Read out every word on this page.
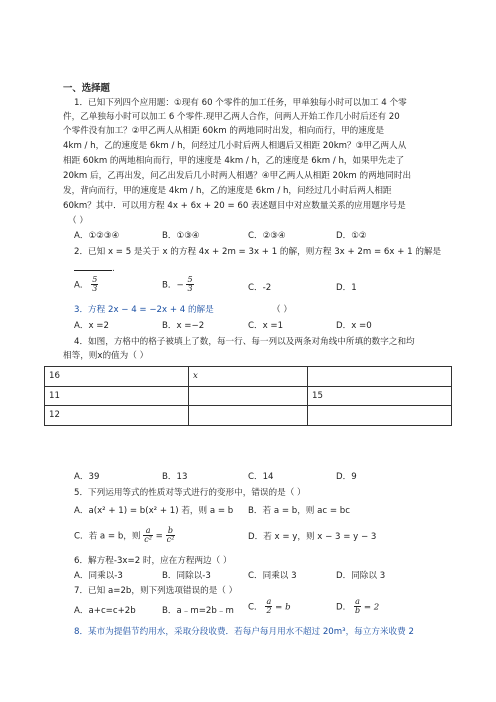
一、选择题
1．已知下列四个应用题：①现有 60 个零件的加工任务，甲单独每小时可以加工 4 个零
件，乙单独每小时可以加工 6 个零件.现甲乙两人合作，问两人开始工作几小时后还有 20
个零件没有加工？②甲乙两人从相距 60km 的两地同时出发，相向而行，甲的速度是
4km / h，乙的速度是 6km / h，问经过几小时后两人相遇后又相距 20km？③甲乙两人从
相距 60km 的两地相向而行，甲的速度是 4km / h，乙的速度是 6km / h，如果甲先走了
20km 后，乙再出发，问乙出发后几小时两人相遇？④甲乙两人从相距 20km 的两地同时出
发，背向而行，甲的速度是 4km / h，乙的速度是 6km / h，问经过几小时后两人相距
60km？其中．可以用方程 4x + 6x + 20 = 60 表述题目中对应数量关系的应用题序号是
（ ）
A．①②③④	B．①③④	C．②③④	D．①②
2．已知 x = 5 是关于 x 的方程 4x + 2m = 3x + 1 的解，则方程 3x + 2m = 6x + 1 的解是
.
A． $\frac{5}{3}$	B．− $\frac{5}{3}$	C．-2	D．1
3．方程 2x − 4 = −2x + 4 的解是	（ ）
A．x =2	B．x =−2	C．x =1	D．x =0
4．如图，方格中的格子被填上了数，每一行、每一列以及两条对角线中所填的数字之和均
相等，则x的值为（ ）
16	x	
11		15
12		
A．39	B．13	C．14	D．9
5．下列运用等式的性质对等式进行的变形中，错误的是（ ）
A．a(x² + 1) = b(x² + 1) 若，则 a = b B．若 a = b，则 ac = bc
C．若 a = b，则 $\frac{a}{\text{c²}} = \frac{b}{\text{c²}}$	D．若 x = y，则 x − 3 = y − 3
6．解方程-3x=2 时，应在方程两边（ ）
A．同乘以-3	B．同除以-3	C．同乘以 3	D．同除以 3
7．已知 a=2b，则下列选项错误的是（ ）
A．a+c=c+2b	B．a﹣m=2b﹣m C． $\frac{a}{2} = b$	D． $\frac{a}{b} = 2$
8．某市为提倡节约用水，采取分段收费．若每户每月用水不超过 20m³，每立方米收费 2
